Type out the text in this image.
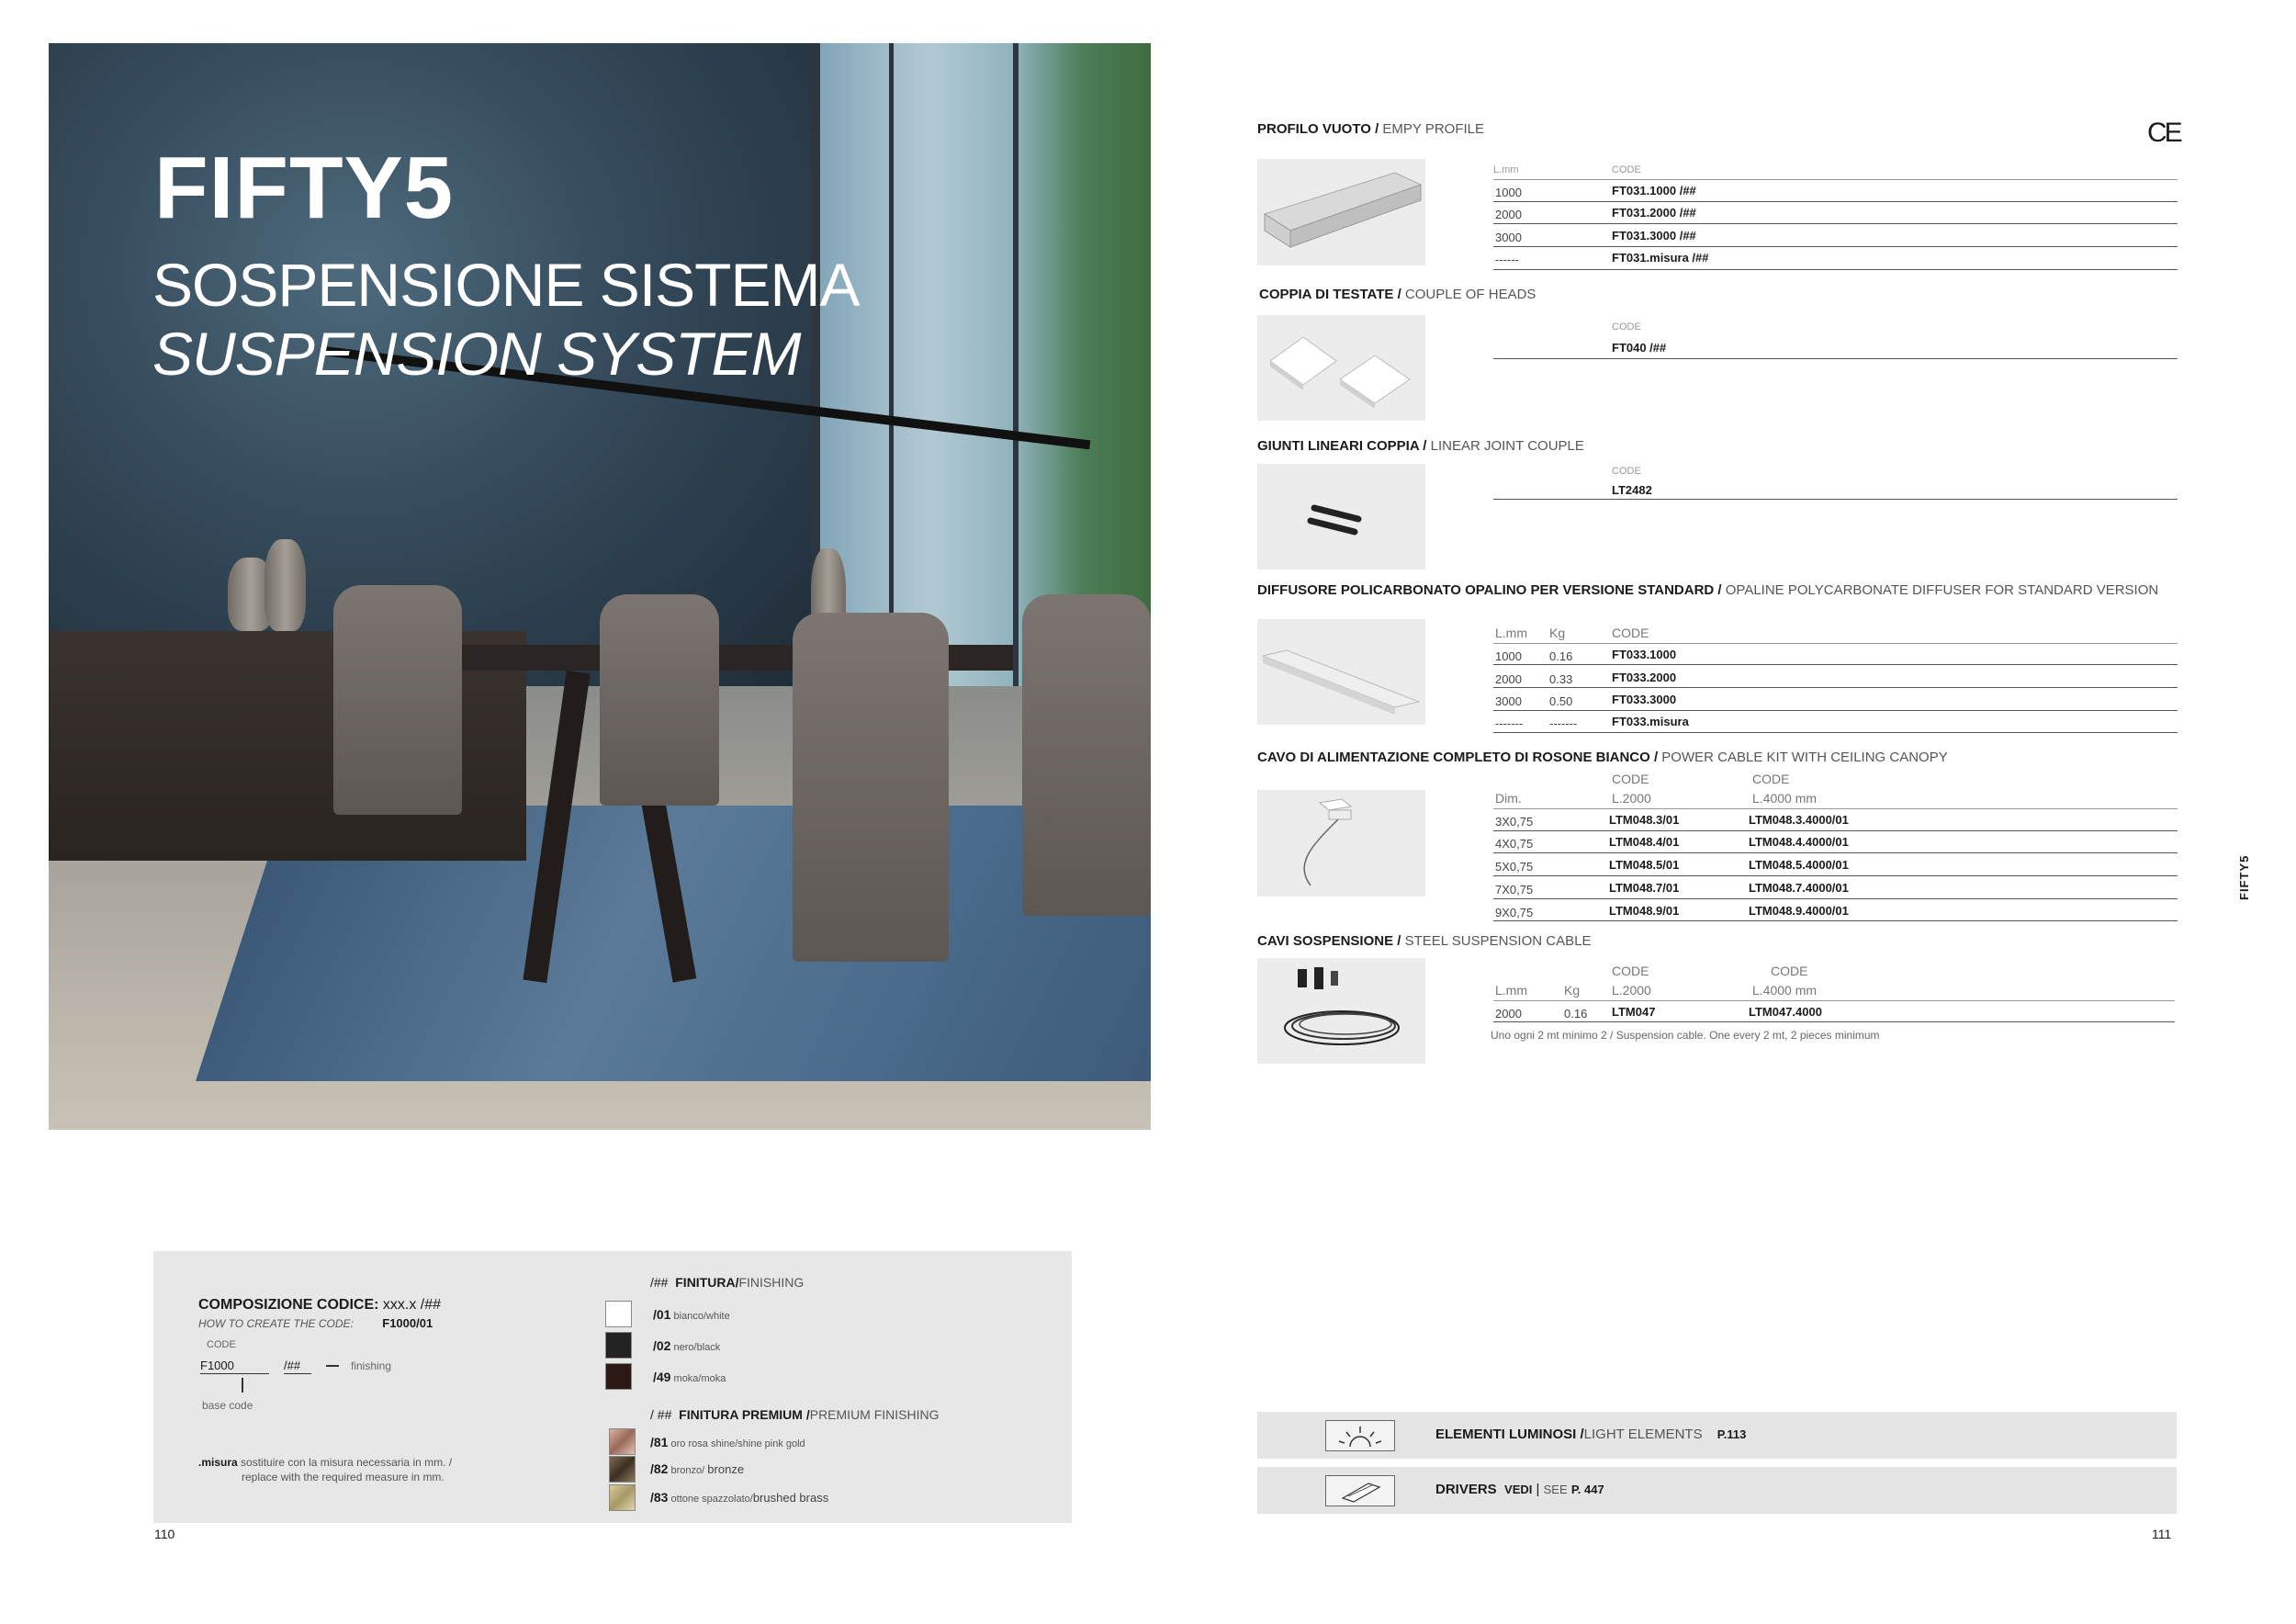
FIFTY5
SOSPENSIONE SISTEMA
SUSPENSION SYSTEM
COMPOSIZIONE CODICE: xxx.x /##
HOW TO CREATE THE CODE: F1000/01
CODE
F1000	/##	finishing
base code
.misura sostituire con la misura necessaria in mm. /
replace with the required measure in mm.
/## FINITURA/FINISHING
/01 bianco/white
/02 nero/black
/49 moka/moka
/ ## FINITURA PREMIUM /PREMIUM FINISHING
/81 oro rosa shine/shine pink gold
/82 bronzo/ bronze
/83 ottone spazzolato/brushed brass
110	111
CE
FIFTY5
PROFILO VUOTO / EMPY PROFILE
L.mm	CODE
1000	FT031.1000 /##
2000	FT031.2000 /##
3000	FT031.3000 /##
------	FT031.misura /##
COPPIA DI TESTATE / COUPLE OF HEADS
CODE
FT040 /##
GIUNTI LINEARI COPPIA / LINEAR JOINT COUPLE
CODE
LT2482
DIFFUSORE POLICARBONATO OPALINO PER VERSIONE STANDARD / OPALINE POLYCARBONATE DIFFUSER FOR STANDARD VERSION
L.mm Kg	CODE
1000 0.16	FT033.1000
2000 0.33	FT033.2000
3000 0.50	FT033.3000
------- -------	FT033.misura
CAVO DI ALIMENTAZIONE COMPLETO DI ROSONE BIANCO / POWER CABLE KIT WITH CEILING CANOPY
CODE	CODE
Dim.	L.2000	L.4000 mm
3X0,75	LTM048.3/01	LTM048.3.4000/01
4X0,75	LTM048.4/01	LTM048.4.4000/01
5X0,75	LTM048.5/01	LTM048.5.4000/01
7X0,75	LTM048.7/01	LTM048.7.4000/01
9X0,75	LTM048.9/01	LTM048.9.4000/01
CAVI SOSPENSIONE / STEEL SUSPENSION CABLE
CODE	CODE
L.mm	Kg L.2000	L.4000 mm
2000	0.16 LTM047	LTM047.4000
Uno ogni 2 mt minimo 2 / Suspension cable. One every 2 mt, 2 pieces minimum
ELEMENTI LUMINOSI /LIGHT ELEMENTS P.113
DRIVERS VEDI | SEE P. 447
